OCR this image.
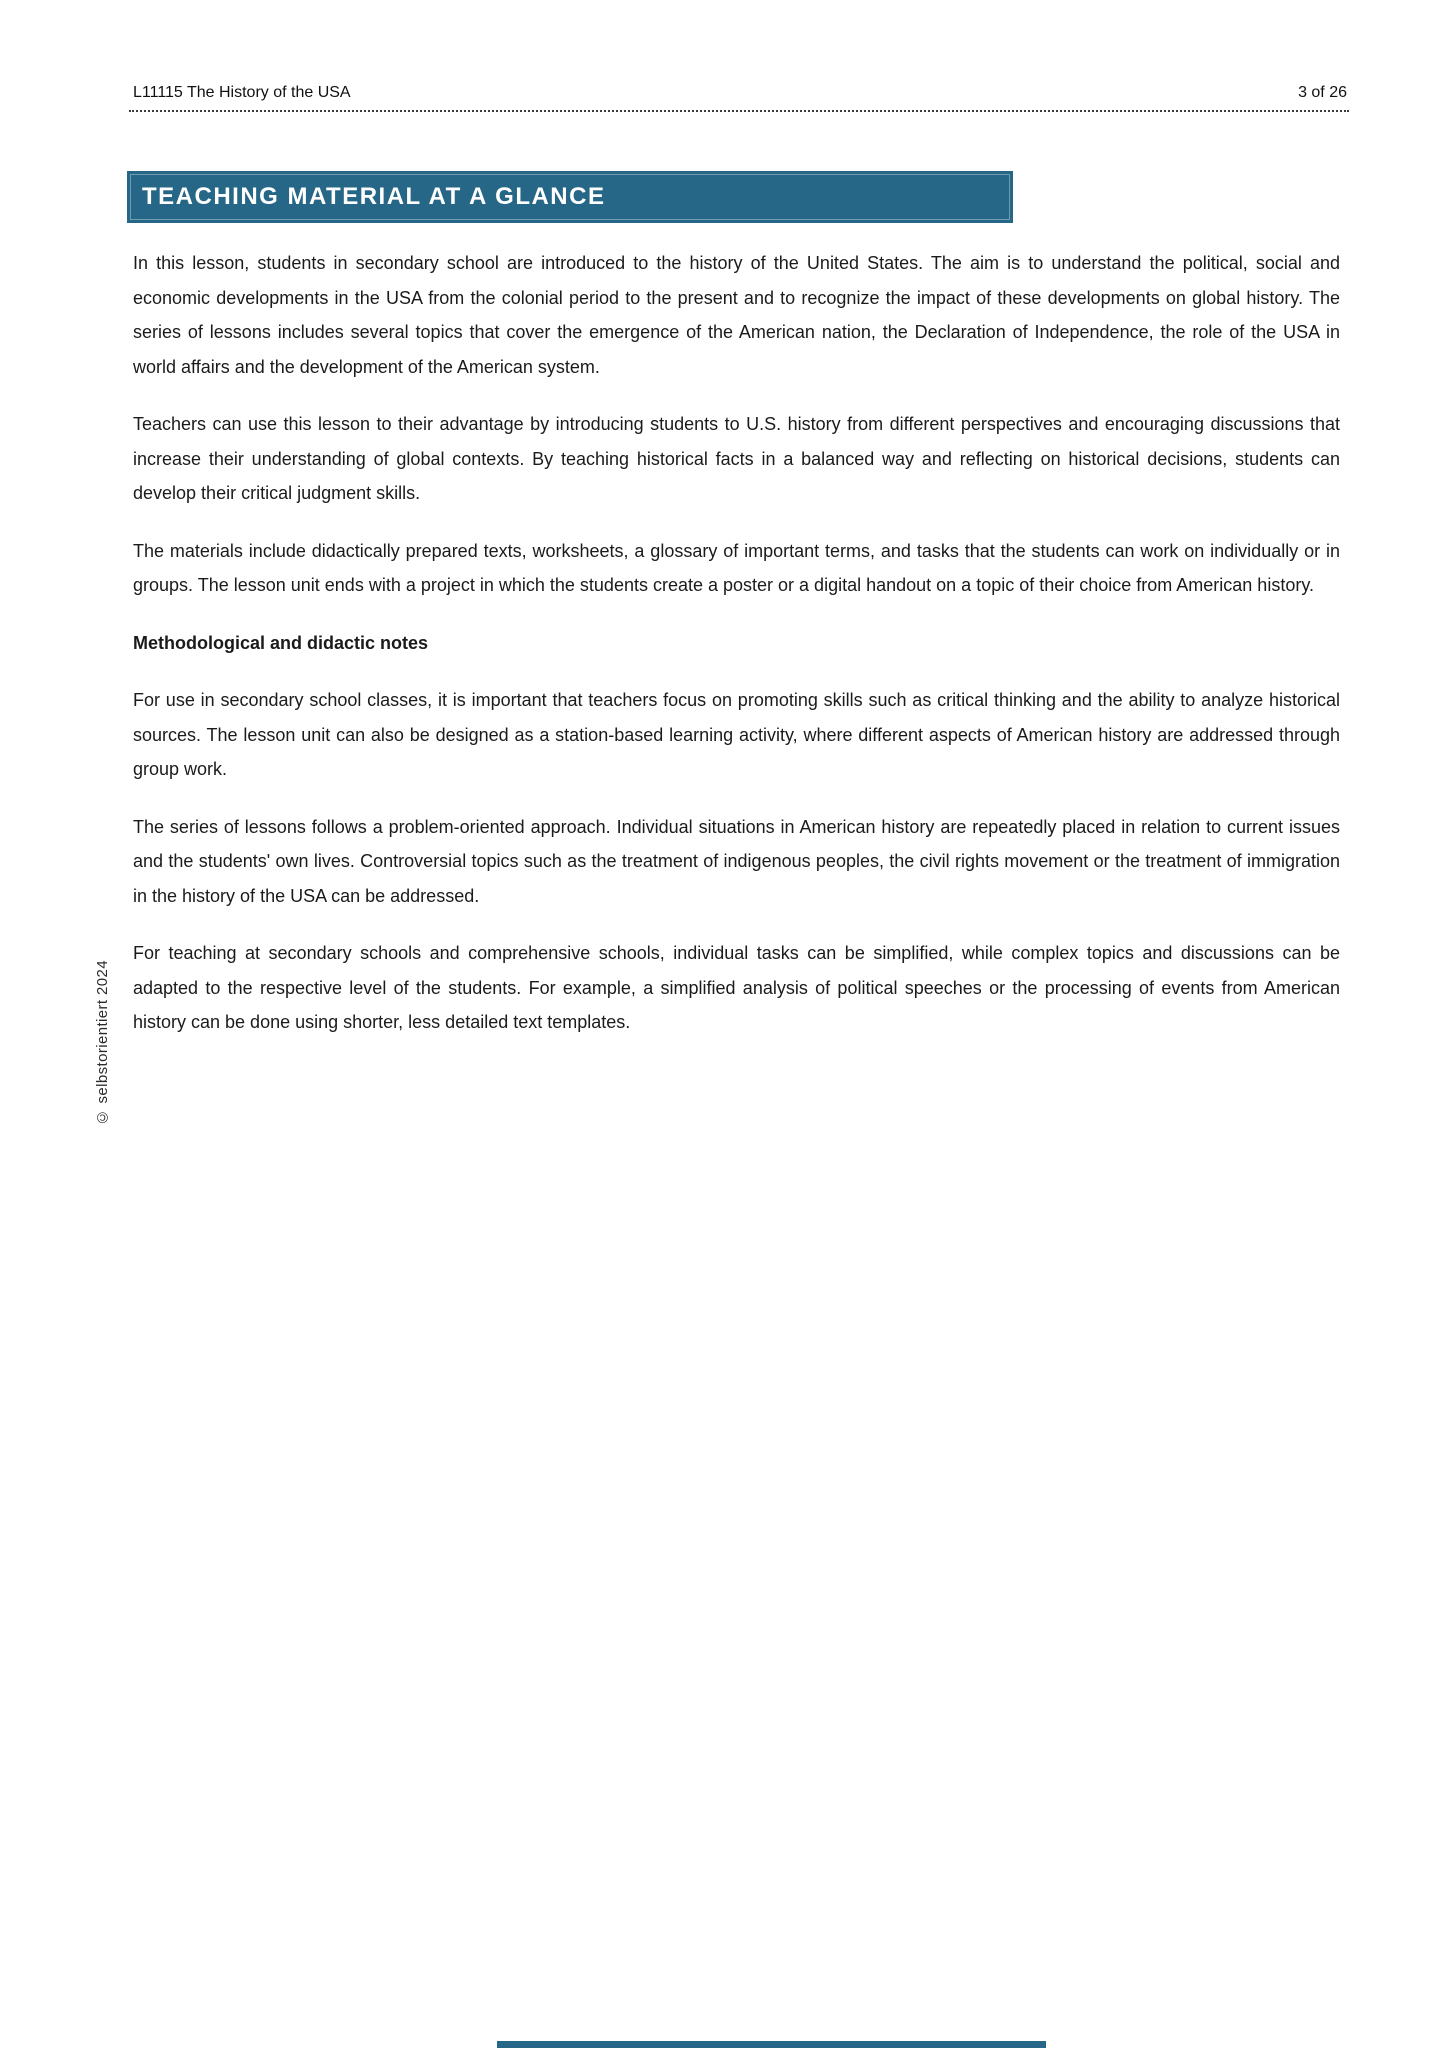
L11115 The History of the USA	3 of 26
TEACHING MATERIAL AT A GLANCE

In this lesson, students in secondary school are introduced to the history of the United States. The aim is to understand the political, social and economic developments in the USA from the colonial period to the present and to recognize the impact of these developments on global history. The series of lessons includes several topics that cover the emergence of the American nation, the Declaration of Independence, the role of the USA in world affairs and the development of the American system.

Teachers can use this lesson to their advantage by introducing students to U.S. history from different perspectives and encouraging discussions that increase their understanding of global contexts. By teaching historical facts in a balanced way and reflecting on historical decisions, students can develop their critical judgment skills.

The materials include didactically prepared texts, worksheets, a glossary of important terms, and tasks that the students can work on individually or in groups. The lesson unit ends with a project in which the students create a poster or a digital handout on a topic of their choice from American history.

Methodological and didactic notes

For use in secondary school classes, it is important that teachers focus on promoting skills such as critical thinking and the ability to analyze historical sources. The lesson unit can also be designed as a station-based learning activity, where different aspects of American history are addressed through group work.

The series of lessons follows a problem-oriented approach. Individual situations in American history are repeatedly placed in relation to current issues and the students' own lives. Controversial topics such as the treatment of indigenous peoples, the civil rights movement or the treatment of immigration in the history of the USA can be addressed.

For teaching at secondary schools and comprehensive schools, individual tasks can be simplified, while complex topics and discussions can be adapted to the respective level of the students. For example, a simplified analysis of political speeches or the processing of events from American history can be done using shorter, less detailed text templates.

© selbstorientiert 2024
